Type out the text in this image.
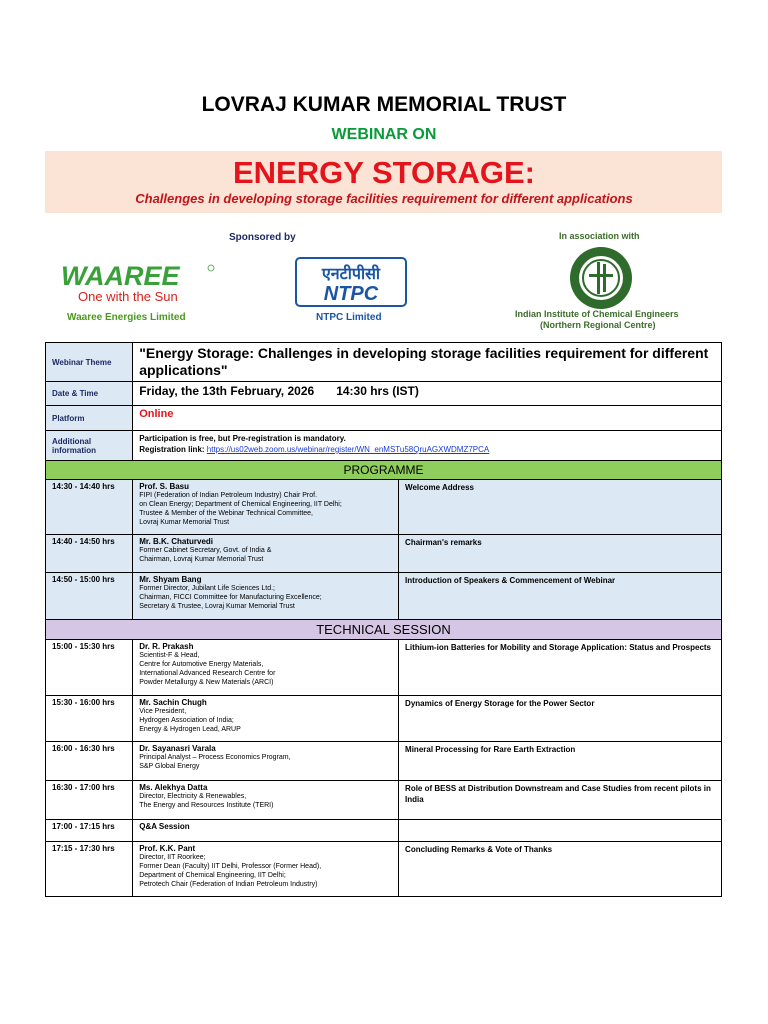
LOVRAJ KUMAR MEMORIAL TRUST
WEBINAR ON
ENERGY STORAGE:
Challenges in developing storage facilities requirement for different applications
Sponsored by	In association with
WAAREE
One with the Sun
Waaree Energies Limited
एनटीपीसी
NTPC
NTPC Limited	Indian Institute of Chemical Engineers
(Northern Regional Centre)
Webinar Theme	"Energy Storage: Challenges in developing storage facilities requirement for different applications"	
Date & Time	Friday, the 13th February, 2026 14:30 hrs (IST)	
Platform	Online	
Additional information	Participation is free, but Pre-registration is mandatory.
Registration link: https://us02web.zoom.us/webinar/register/WN_enMSTu58QruAGXWDMZ7PCA	
PROGRAMME		
14:30 - 14:40 hrs	Prof. S. Basu
FIPI (Federation of Indian Petroleum Industry) Chair Prof.
on Clean Energy; Department of Chemical Engineering, IIT Delhi;
Trustee & Member of the Webinar Technical Committee,
Lovraj Kumar Memorial Trust	Welcome Address
14:40 - 14:50 hrs	Mr. B.K. Chaturvedi
Former Cabinet Secretary, Govt. of India &
Chairman, Lovraj Kumar Memorial Trust	Chairman's remarks
14:50 - 15:00 hrs	Mr. Shyam Bang
Former Director, Jubilant Life Sciences Ltd.;
Chairman, FICCI Committee for Manufacturing Excellence;
Secretary & Trustee, Lovraj Kumar Memorial Trust	Introduction of Speakers & Commencement of Webinar
TECHNICAL SESSION		
15:00 - 15:30 hrs	Dr. R. Prakash
Scientist-F & Head,
Centre for Automotive Energy Materials,
International Advanced Research Centre for
Powder Metallurgy & New Materials (ARCI)	Lithium-ion Batteries for Mobility and Storage Application: Status and Prospects
15:30 - 16:00 hrs	Mr. Sachin Chugh
Vice President,
Hydrogen Association of India;
Energy & Hydrogen Lead, ARUP	Dynamics of Energy Storage for the Power Sector
16:00 - 16:30 hrs	Dr. Sayanasri Varala
Principal Analyst – Process Economics Program,
S&P Global Energy	Mineral Processing for Rare Earth Extraction
16:30 - 17:00 hrs	Ms. Alekhya Datta
Director, Electricity & Renewables,
The Energy and Resources Institute (TERI)	Role of BESS at Distribution Downstream and Case Studies from recent pilots in India
17:00 - 17:15 hrs	Q&A Session	

17:15 - 17:30 hrs	Prof. K.K. Pant
Director, IIT Roorkee;
Former Dean (Faculty) IIT Delhi, Professor (Former Head),
Department of Chemical Engineering, IIT Delhi;
Petrotech Chair (Federation of Indian Petroleum Industry)	Concluding Remarks & Vote of Thanks
